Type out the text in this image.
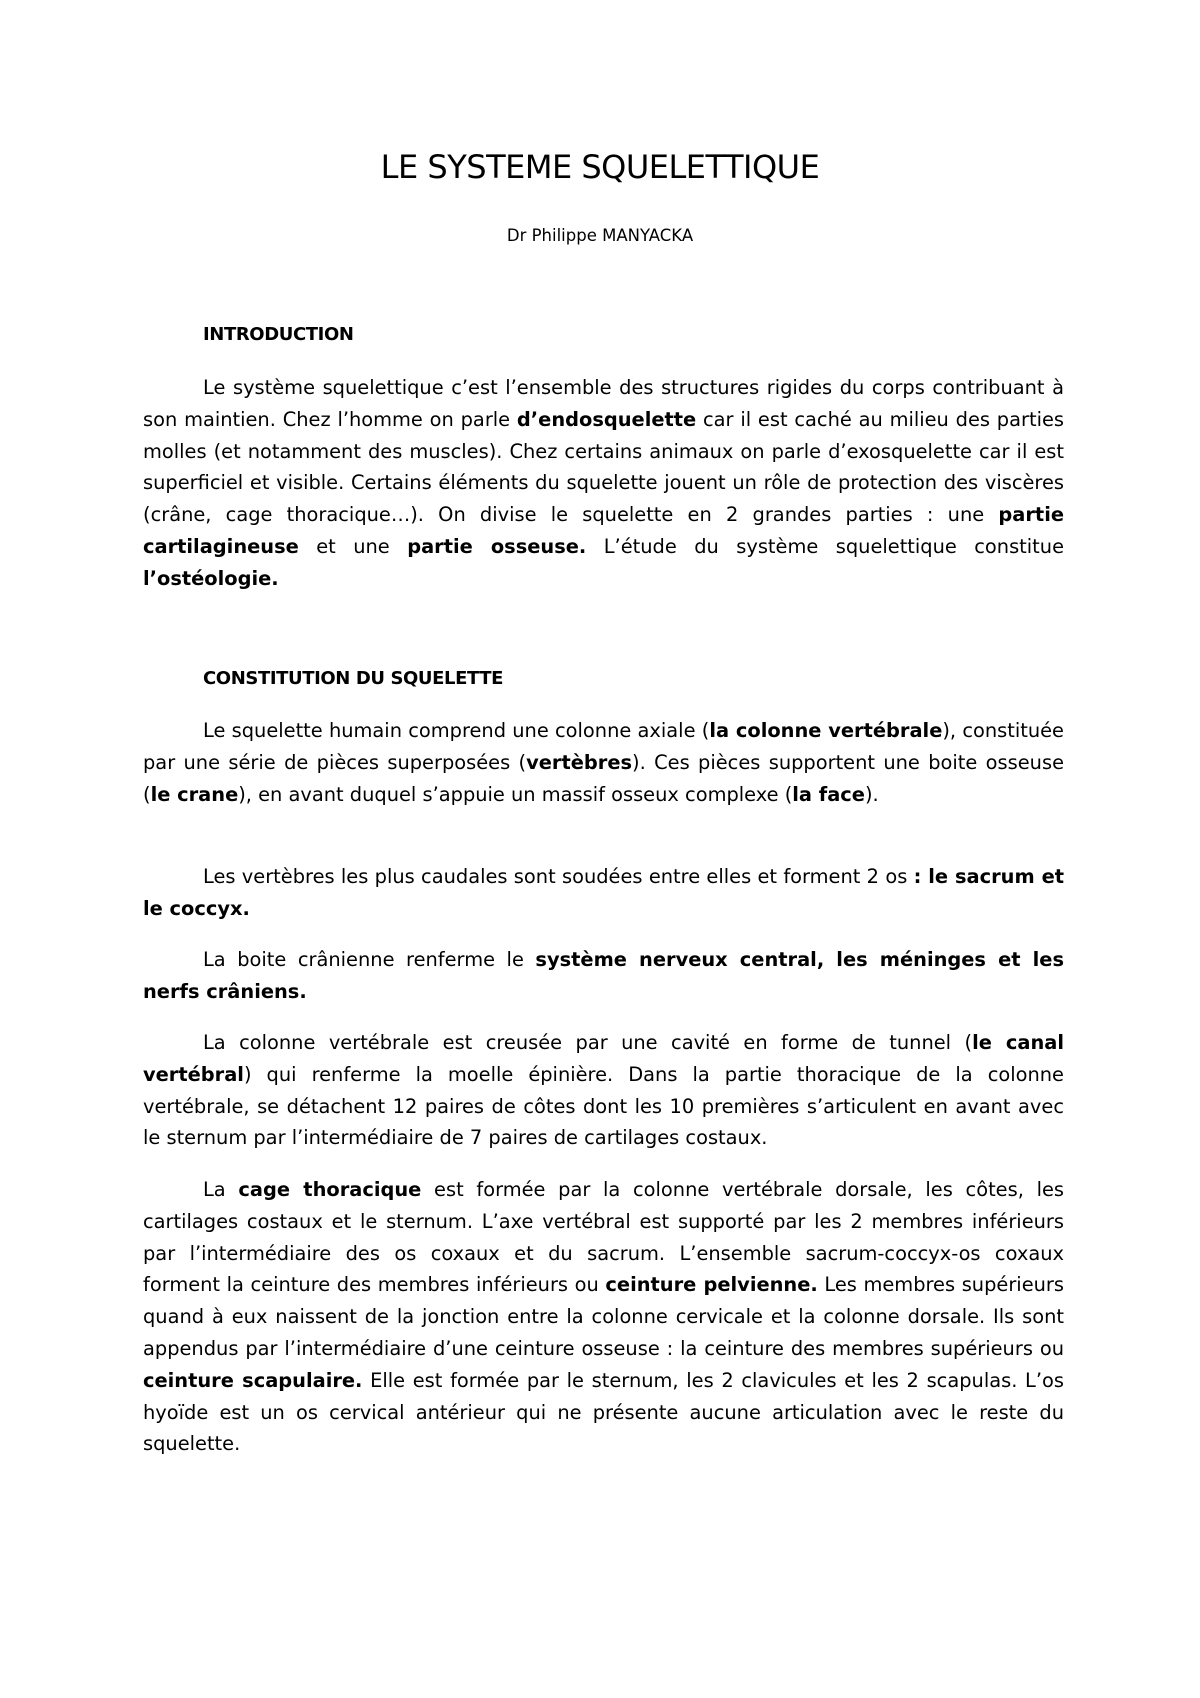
LE SYSTEME SQUELETTIQUE

Dr Philippe MANYACKA

INTRODUCTION

Le système squelettique c’est l’ensemble des structures rigides du corps contribuant à son maintien. Chez l’homme on parle d’endosquelette car il est caché au milieu des parties molles (et notamment des muscles). Chez certains animaux on parle d’exosquelette car il est superficiel et visible. Certains éléments du squelette jouent un rôle de protection des viscères (crâne, cage thoracique…). On divise le squelette en 2 grandes parties : une partie cartilagineuse et une partie osseuse. L’étude du système squelettique constitue l’ostéologie.

CONSTITUTION DU SQUELETTE

Le squelette humain comprend une colonne axiale (la colonne vertébrale), constituée par une série de pièces superposées (vertèbres). Ces pièces supportent une boite osseuse (le crane), en avant duquel s’appuie un massif osseux complexe (la face).

Les vertèbres les plus caudales sont soudées entre elles et forment 2 os : le sacrum et le coccyx.

La boite crânienne renferme le système nerveux central, les méninges et les nerfs crâniens.

La colonne vertébrale est creusée par une cavité en forme de tunnel (le canal vertébral) qui renferme la moelle épinière. Dans la partie thoracique de la colonne vertébrale, se détachent 12 paires de côtes dont les 10 premières s’articulent en avant avec le sternum par l’intermédiaire de 7 paires de cartilages costaux.

La cage thoracique est formée par la colonne vertébrale dorsale, les côtes, les cartilages costaux et le sternum. L’axe vertébral est supporté par les 2 membres inférieurs par l’intermédiaire des os coxaux et du sacrum. L’ensemble sacrum-coccyx-os coxaux forment la ceinture des membres inférieurs ou ceinture pelvienne. Les membres supérieurs quand à eux naissent de la jonction entre la colonne cervicale et la colonne dorsale. Ils sont appendus par l’intermédiaire d’une ceinture osseuse : la ceinture des membres supérieurs ou ceinture scapulaire. Elle est formée par le sternum, les 2 clavicules et les 2 scapulas. L’os hyoïde est un os cervical antérieur qui ne présente aucune articulation avec le reste du squelette.
